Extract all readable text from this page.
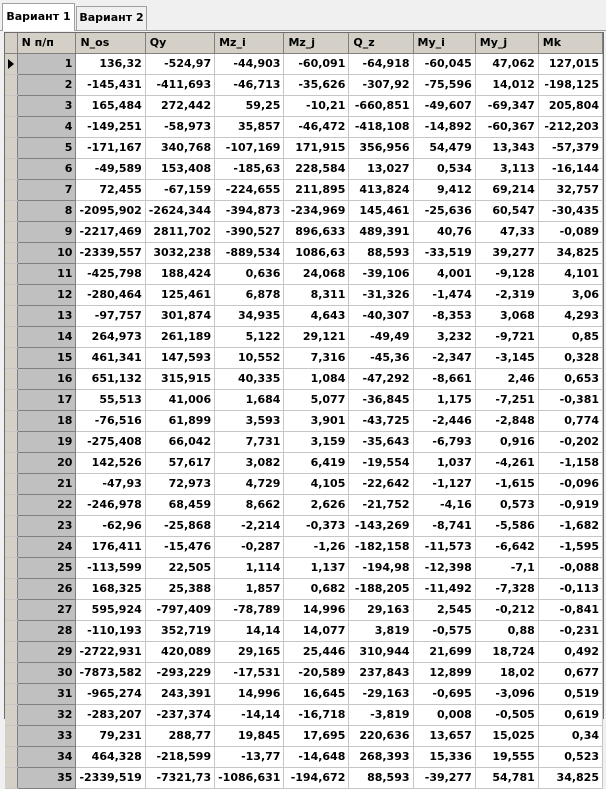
Вариант 1 Вариант 2
	N п/п	N_os	Qy	Mz_i	Mz_j	Q_z	My_i	My_j	Mk

	1	136,32	-524,97	-44,903	-60,091	-64,918	-60,045	47,062	127,015
	2	-145,431	-411,693	-46,713	-35,626	-307,92	-75,596	14,012	-198,125
	3	165,484	272,442	59,25	-10,21	-660,851	-49,607	-69,347	205,804
	4	-149,251	-58,973	35,857	-46,472	-418,108	-14,892	-60,367	-212,203
	5	-171,167	340,768	-107,169	171,915	356,956	54,479	13,343	-57,379
	6	-49,589	153,408	-185,63	228,584	13,027	0,534	3,113	-16,144
	7	72,455	-67,159	-224,655	211,895	413,824	9,412	69,214	32,757
	8	-2095,902	-2624,344	-394,873	-234,969	145,461	-25,636	60,547	-30,435
	9	-2217,469	2811,702	-390,527	896,633	489,391	40,76	47,33	-0,089
	10	-2339,557	3032,238	-889,534	1086,63	88,593	-33,519	39,277	34,825
	11	-425,798	188,424	0,636	24,068	-39,106	4,001	-9,128	4,101
	12	-280,464	125,461	6,878	8,311	-31,326	-1,474	-2,319	3,06
	13	-97,757	301,874	34,935	4,643	-40,307	-8,353	3,068	4,293
	14	264,973	261,189	5,122	29,121	-49,49	3,232	-9,721	0,85
	15	461,341	147,593	10,552	7,316	-45,36	-2,347	-3,145	0,328
	16	651,132	315,915	40,335	1,084	-47,292	-8,661	2,46	0,653
	17	55,513	41,006	1,684	5,077	-36,845	1,175	-7,251	-0,381
	18	-76,516	61,899	3,593	3,901	-43,725	-2,446	-2,848	0,774
	19	-275,408	66,042	7,731	3,159	-35,643	-6,793	0,916	-0,202
	20	142,526	57,617	3,082	6,419	-19,554	1,037	-4,261	-1,158
	21	-47,93	72,973	4,729	4,105	-22,642	-1,127	-1,615	-0,096
	22	-246,978	68,459	8,662	2,626	-21,752	-4,16	0,573	-0,919
	23	-62,96	-25,868	-2,214	-0,373	-143,269	-8,741	-5,586	-1,682
	24	176,411	-15,476	-0,287	-1,26	-182,158	-11,573	-6,642	-1,595
	25	-113,599	22,505	1,114	1,137	-194,98	-12,398	-7,1	-0,088
	26	168,325	25,388	1,857	0,682	-188,205	-11,492	-7,328	-0,113
	27	595,924	-797,409	-78,789	14,996	29,163	2,545	-0,212	-0,841
	28	-110,193	352,719	14,14	14,077	3,819	-0,575	0,88	-0,231
	29	-2722,931	420,089	29,165	25,446	310,944	21,699	18,724	0,492
	30	-7873,582	-293,229	-17,531	-20,589	237,843	12,899	18,02	0,677
	31	-965,274	243,391	14,996	16,645	-29,163	-0,695	-3,096	0,519
	32	-283,207	-237,374	-14,14	-16,718	-3,819	0,008	-0,505	0,619
	33	79,231	288,77	19,845	17,695	220,636	13,657	15,025	0,34
	34	464,328	-218,599	-13,77	-14,648	268,393	15,336	19,555	0,523
	35	-2339,519	-7321,73	-1086,631	-194,672	88,593	-39,277	54,781	34,825
